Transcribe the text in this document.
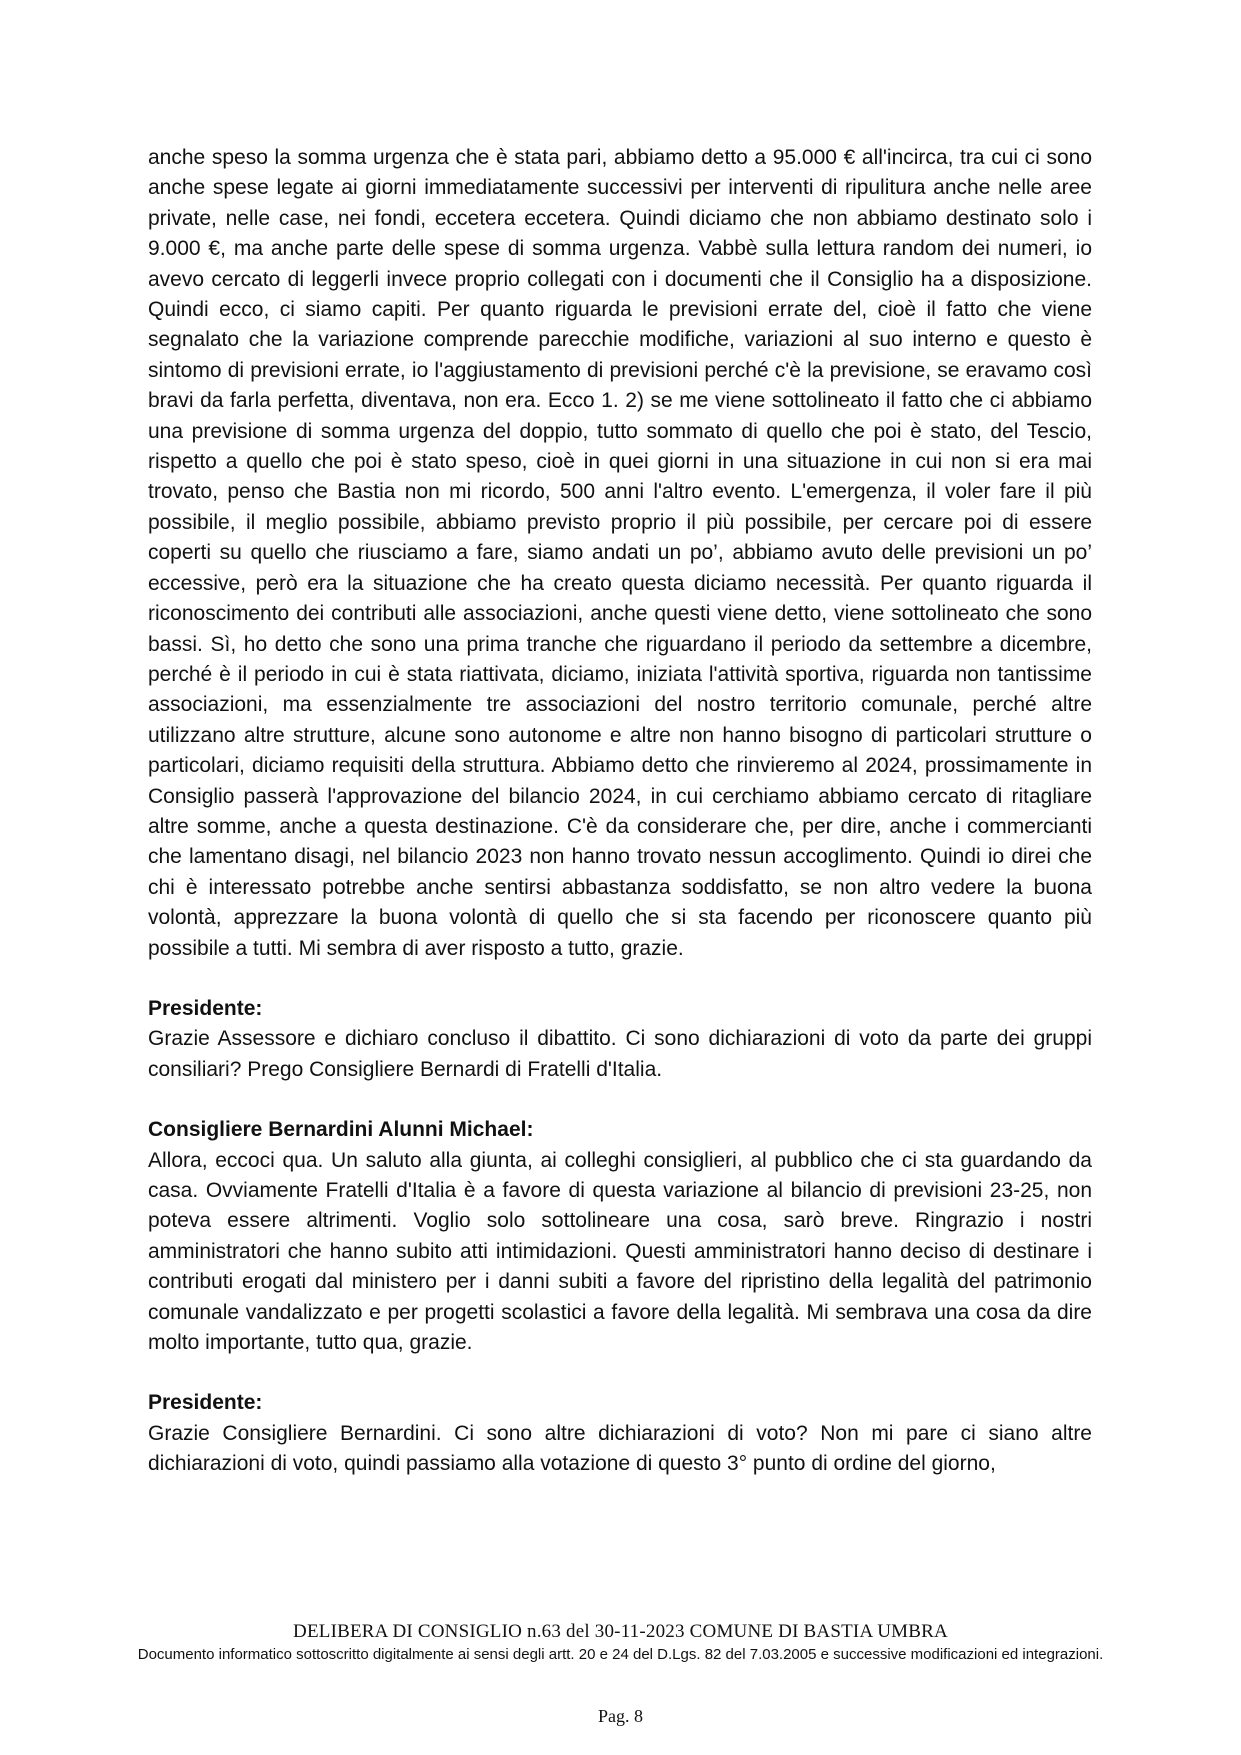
anche speso la somma urgenza che è stata pari, abbiamo detto a 95.000 € all'incirca, tra cui ci sono anche spese legate ai giorni immediatamente successivi per interventi di ripulitura anche nelle aree private, nelle case, nei fondi, eccetera eccetera. Quindi diciamo che non abbiamo destinato solo i 9.000 €, ma anche parte delle spese di somma urgenza. Vabbè sulla lettura random dei numeri, io avevo cercato di leggerli invece proprio collegati con i documenti che il Consiglio ha a disposizione. Quindi ecco, ci siamo capiti. Per quanto riguarda le previsioni errate del, cioè il fatto che viene segnalato che la variazione comprende parecchie modifiche, variazioni al suo interno e questo è sintomo di previsioni errate, io l'aggiustamento di previsioni perché c'è la previsione, se eravamo così bravi da farla perfetta, diventava, non era. Ecco 1. 2) se me viene sottolineato il fatto che ci abbiamo una previsione di somma urgenza del doppio, tutto sommato di quello che poi è stato, del Tescio, rispetto a quello che poi è stato speso, cioè in quei giorni in una situazione in cui non si era mai trovato, penso che Bastia non mi ricordo, 500 anni l'altro evento. L'emergenza, il voler fare il più possibile, il meglio possibile, abbiamo previsto proprio il più possibile, per cercare poi di essere coperti su quello che riusciamo a fare, siamo andati un po’, abbiamo avuto delle previsioni un po’ eccessive, però era la situazione che ha creato questa diciamo necessità. Per quanto riguarda il riconoscimento dei contributi alle associazioni, anche questi viene detto, viene sottolineato che sono bassi. Sì, ho detto che sono una prima tranche che riguardano il periodo da settembre a dicembre, perché è il periodo in cui è stata riattivata, diciamo, iniziata l'attività sportiva, riguarda non tantissime associazioni, ma essenzialmente tre associazioni del nostro territorio comunale, perché altre utilizzano altre strutture, alcune sono autonome e altre non hanno bisogno di particolari strutture o particolari, diciamo requisiti della struttura. Abbiamo detto che rinvieremo al 2024, prossimamente in Consiglio passerà l'approvazione del bilancio 2024, in cui cerchiamo abbiamo cercato di ritagliare altre somme, anche a questa destinazione. C'è da considerare che, per dire, anche i commercianti che lamentano disagi, nel bilancio 2023 non hanno trovato nessun accoglimento. Quindi io direi che chi è interessato potrebbe anche sentirsi abbastanza soddisfatto, se non altro vedere la buona volontà, apprezzare la buona volontà di quello che si sta facendo per riconoscere quanto più possibile a tutti. Mi sembra di aver risposto a tutto, grazie.

Presidente:

Grazie Assessore e dichiaro concluso il dibattito. Ci sono dichiarazioni di voto da parte dei gruppi consiliari? Prego Consigliere Bernardi di Fratelli d'Italia.

Consigliere Bernardini Alunni Michael:

Allora, eccoci qua. Un saluto alla giunta, ai colleghi consiglieri, al pubblico che ci sta guardando da casa. Ovviamente Fratelli d'Italia è a favore di questa variazione al bilancio di previsioni 23-25, non poteva essere altrimenti. Voglio solo sottolineare una cosa, sarò breve. Ringrazio i nostri amministratori che hanno subito atti intimidazioni. Questi amministratori hanno deciso di destinare i contributi erogati dal ministero per i danni subiti a favore del ripristino della legalità del patrimonio comunale vandalizzato e per progetti scolastici a favore della legalità. Mi sembrava una cosa da dire molto importante, tutto qua, grazie.

Presidente:

Grazie Consigliere Bernardini. Ci sono altre dichiarazioni di voto? Non mi pare ci siano altre dichiarazioni di voto, quindi passiamo alla votazione di questo 3° punto di ordine del giorno,

DELIBERA DI CONSIGLIO n.63 del 30-11-2023 COMUNE DI BASTIA UMBRA
Documento informatico sottoscritto digitalmente ai sensi degli artt. 20 e 24 del D.Lgs. 82 del 7.03.2005 e successive modificazioni ed integrazioni.
Pag. 8
